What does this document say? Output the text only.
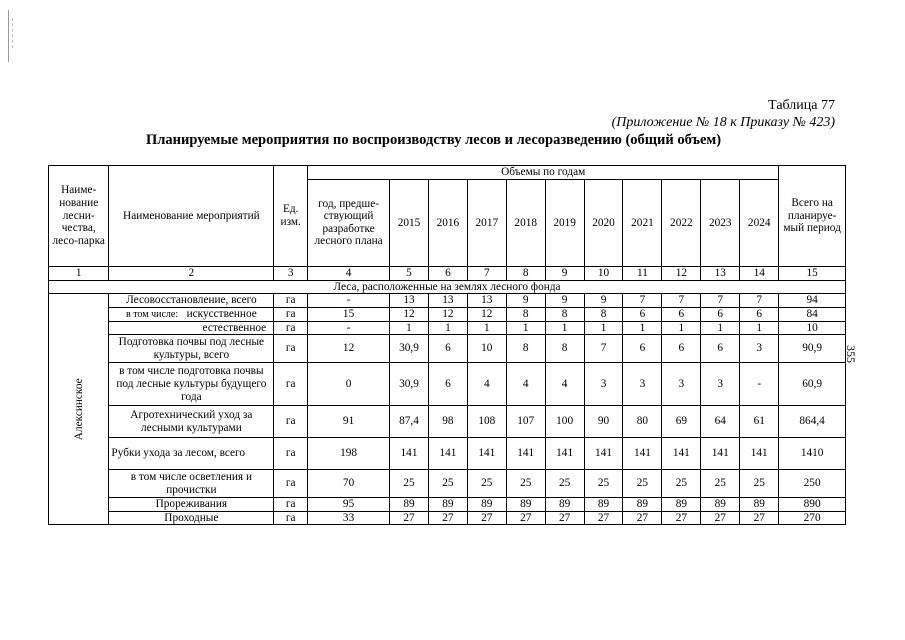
Таблица 77
(Приложение № 18 к Приказу № 423)
Планируемые мероприятия по воспроизводству лесов и лесоразведению (общий объем)
355
Наиме-нование лесни-чества, лесо-парка	Наименование мероприятий	Ед. изм.	Объемы по годам											Всего на планируе-мый период
			год, предше-ствующий разработке лесного плана	2015	2016	2017	2018	2019	2020	2021	2022	2023	2024	
1	2	3	4	5	6	7	8	9	10	11	12	13	14	15
Леса, расположенные на землях лесного фонда														
Алексинское	Лесовосстановление, всего	га	-	13	13	13	9	9	9	7	7	7	7	94
	в том числе: искусственное	га	15	12	12	12	8	8	8	6	6	6	6	84
	естественное	га	-	1	1	1	1	1	1	1	1	1	1	10
	Подготовка почвы под лесные культуры, всего	га	12	30,9	6	10	8	8	7	6	6	6	3	90,9
	в том числе подготовка почвы под лесные культуры будущего года	га	0	30,9	6	4	4	4	3	3	3	3	-	60,9
	Агротехнический уход за лесными культурами	га	91	87,4	98	108	107	100	90	80	69	64	61	864,4
	Рубки ухода за лесом, всего	га	198	141	141	141	141	141	141	141	141	141	141	1410
	в том числе осветления и прочистки	га	70	25	25	25	25	25	25	25	25	25	25	250
	Прореживания	га	95	89	89	89	89	89	89	89	89	89	89	890
	Проходные	га	33	27	27	27	27	27	27	27	27	27	27	270
